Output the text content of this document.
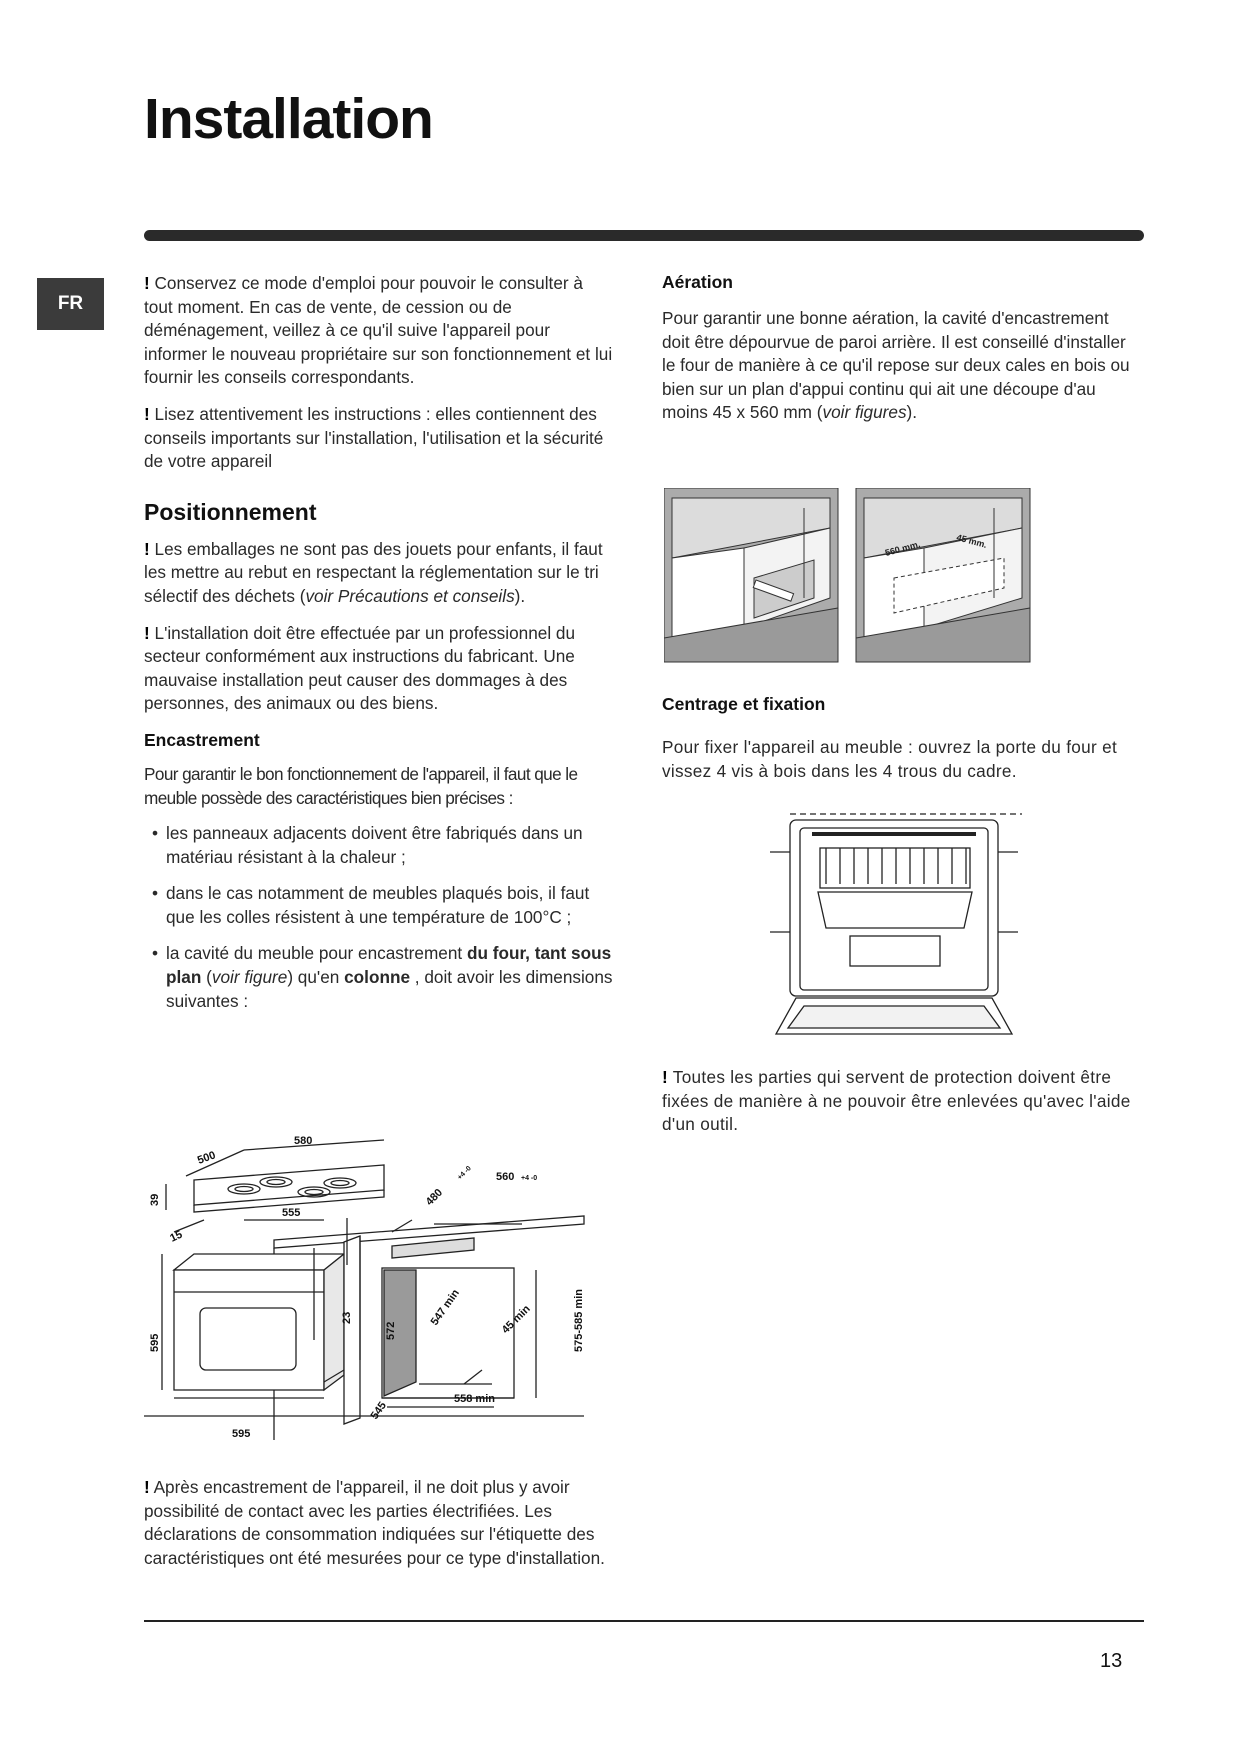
Installation
FR

! Conservez ce mode d'emploi pour pouvoir le consulter à tout moment. En cas de vente, de cession ou de déménagement, veillez à ce qu'il suive l'appareil pour informer le nouveau propriétaire sur son fonctionnement et lui fournir les conseils correspondants.

! Lisez attentivement les instructions : elles contiennent des conseils importants sur l'installation, l'utilisation et la sécurité de votre appareil

Positionnement

! Les emballages ne sont pas des jouets pour enfants, il faut les mettre au rebut en respectant la réglementation sur le tri sélectif des déchets (voir Précautions et conseils).

! L'installation doit être effectuée par un professionnel du secteur conformément aux instructions du fabricant. Une mauvaise installation peut causer des dommages à des personnes, des animaux ou des biens.

Encastrement

Pour garantir le bon fonctionnement de l'appareil, il faut que le meuble possède des caractéristiques bien précises :

• les panneaux adjacents doivent être fabriqués dans un matériau résistant à la chaleur ;
• dans le cas notamment de meubles plaqués bois, il faut que les colles résistent à une température de 100°C ;
• la cavité du meuble pour encastrement du four, tant sous plan (voir figure) qu'en colonne , doit avoir les dimensions suivantes :
580
500
39
15
555
480
+4 -0 560 +4 -0
595
595
23
572
545
547 min	45 min	575-585 min
558 min

! Après encastrement de l'appareil, il ne doit plus y avoir possibilité de contact avec les parties électrifiées. Les déclarations de consommation indiquées sur l'étiquette des caractéristiques ont été mesurées pour ce type d'installation.

Aération

Pour garantir une bonne aération, la cavité d'encastrement doit être dépourvue de paroi arrière. Il est conseillé d'installer le four de manière à ce qu'il repose sur deux cales en bois ou bien sur un plan d'appui continu qui ait une découpe d'au moins 45 x 560 mm (voir figures).

560 mm.	45 mm.
Centrage et fixation

Pour fixer l'appareil au meuble : ouvrez la porte du four et vissez 4 vis à bois dans les 4 trous du cadre.

! Toutes les parties qui servent de protection doivent être fixées de manière à ne pouvoir être enlevées qu'avec l'aide d'un outil.

13
